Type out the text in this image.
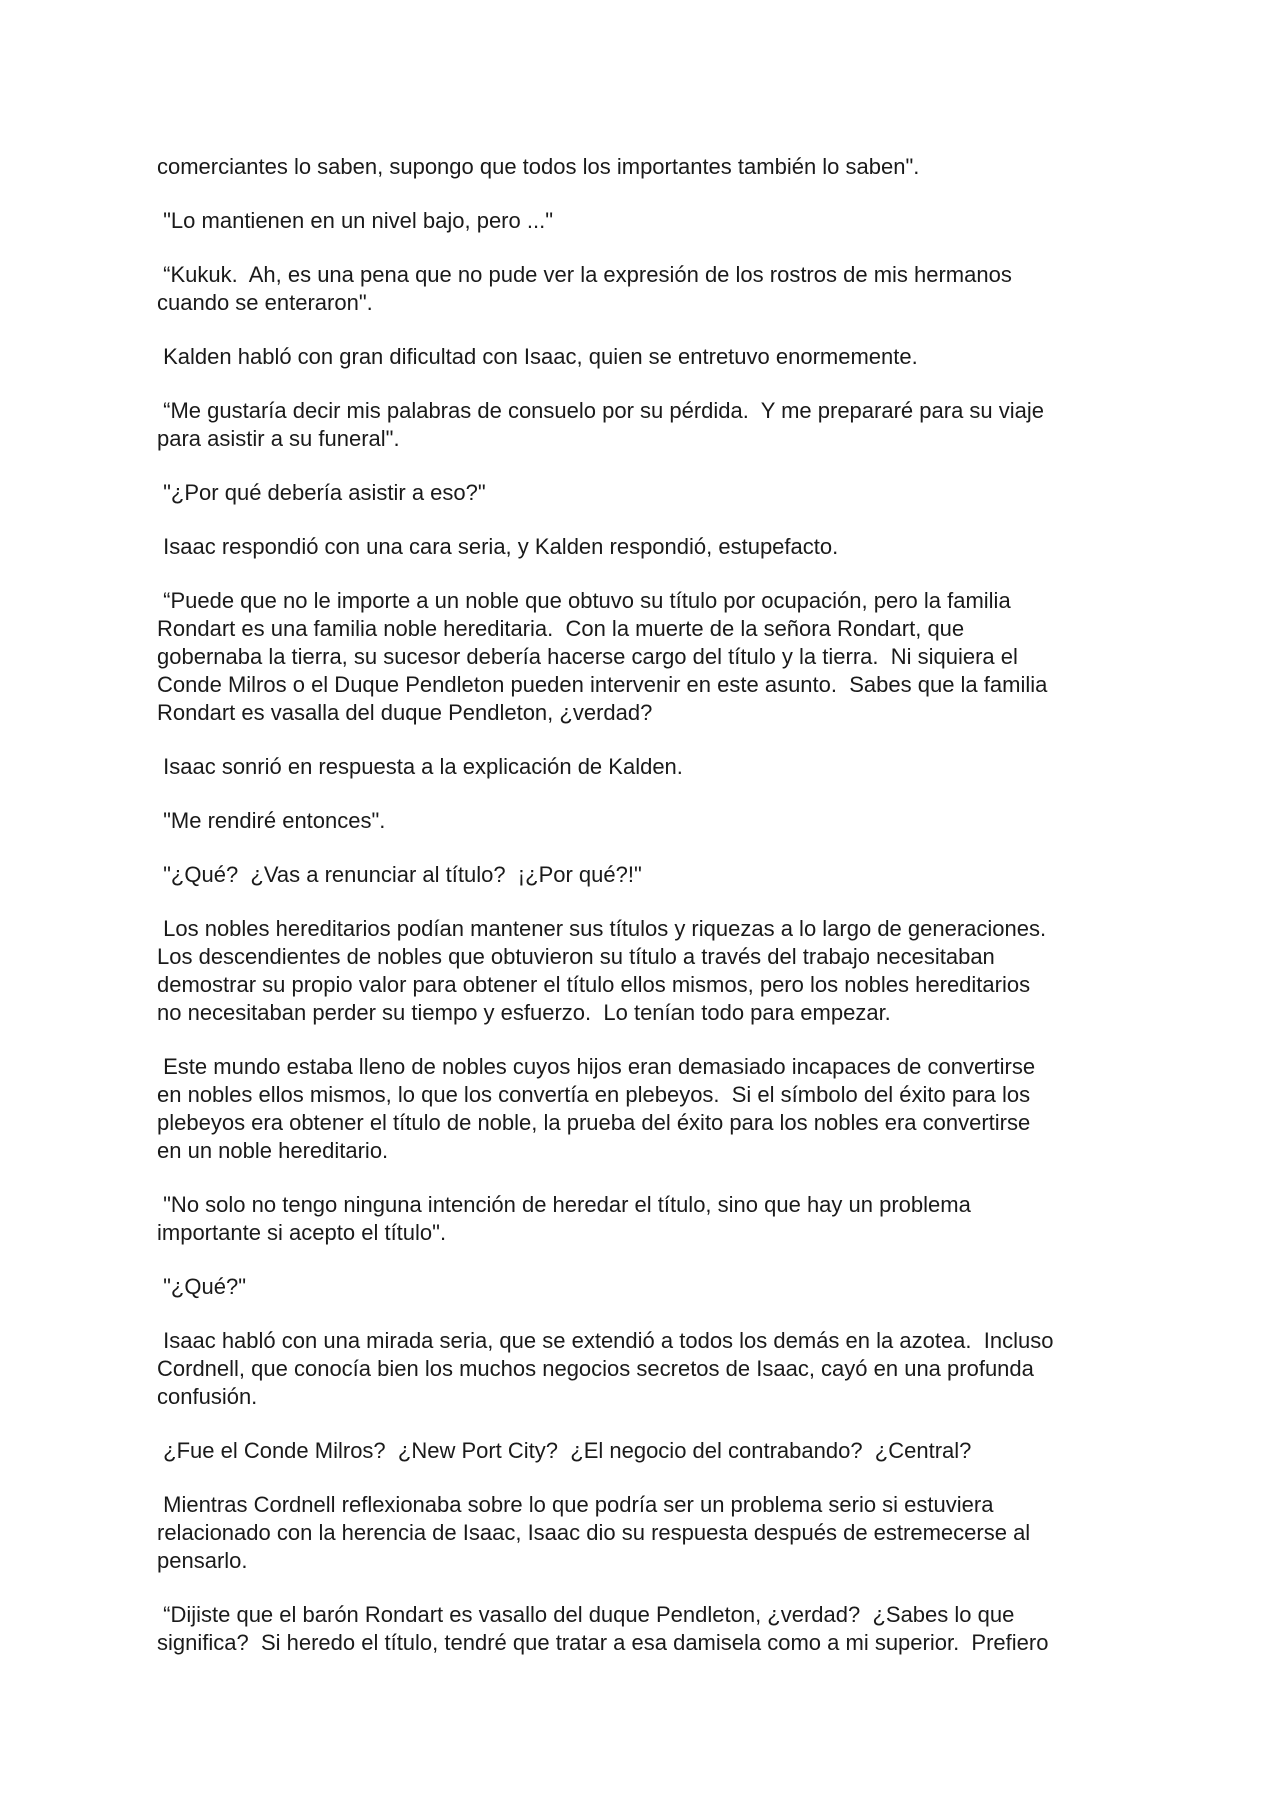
comerciantes lo saben, supongo que todos los importantes también lo saben".

"Lo mantienen en un nivel bajo, pero ..."

“Kukuk.  Ah, es una pena que no pude ver la expresión de los rostros de mis hermanos
cuando se enteraron".

Kalden habló con gran dificultad con Isaac, quien se entretuvo enormemente.

“Me gustaría decir mis palabras de consuelo por su pérdida.  Y me prepararé para su viaje
para asistir a su funeral".

"¿Por qué debería asistir a eso?"

Isaac respondió con una cara seria, y Kalden respondió, estupefacto.

“Puede que no le importe a un noble que obtuvo su título por ocupación, pero la familia
Rondart es una familia noble hereditaria.  Con la muerte de la señora Rondart, que
gobernaba la tierra, su sucesor debería hacerse cargo del título y la tierra.  Ni siquiera el
Conde Milros o el Duque Pendleton pueden intervenir en este asunto.  Sabes que la familia
Rondart es vasalla del duque Pendleton, ¿verdad?

Isaac sonrió en respuesta a la explicación de Kalden.

"Me rendiré entonces".

"¿Qué?  ¿Vas a renunciar al título?  ¡¿Por qué?!"

Los nobles hereditarios podían mantener sus títulos y riquezas a lo largo de generaciones.
Los descendientes de nobles que obtuvieron su título a través del trabajo necesitaban
demostrar su propio valor para obtener el título ellos mismos, pero los nobles hereditarios
no necesitaban perder su tiempo y esfuerzo.  Lo tenían todo para empezar.

Este mundo estaba lleno de nobles cuyos hijos eran demasiado incapaces de convertirse
en nobles ellos mismos, lo que los convertía en plebeyos.  Si el símbolo del éxito para los
plebeyos era obtener el título de noble, la prueba del éxito para los nobles era convertirse
en un noble hereditario.

"No solo no tengo ninguna intención de heredar el título, sino que hay un problema
importante si acepto el título".

"¿Qué?"

Isaac habló con una mirada seria, que se extendió a todos los demás en la azotea.  Incluso
Cordnell, que conocía bien los muchos negocios secretos de Isaac, cayó en una profunda
confusión.

¿Fue el Conde Milros?  ¿New Port City?  ¿El negocio del contrabando?  ¿Central?

Mientras Cordnell reflexionaba sobre lo que podría ser un problema serio si estuviera
relacionado con la herencia de Isaac, Isaac dio su respuesta después de estremecerse al
pensarlo.

“Dijiste que el barón Rondart es vasallo del duque Pendleton, ¿verdad?  ¿Sabes lo que
significa?  Si heredo el título, tendré que tratar a esa damisela como a mi superior.  Prefiero
